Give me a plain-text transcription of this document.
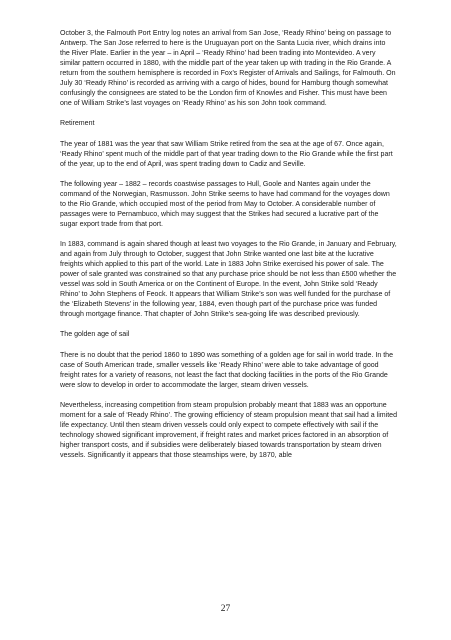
October 3, the Falmouth Port Entry log notes an arrival from San Jose, ‘Ready Rhino’ being on passage to Antwerp. The San Jose referred to here is the Uruguayan port on the Santa Lucia river, which drains into the River Plate. Earlier in the year – in April – ‘Ready Rhino’ had been trading into Montevideo. A very similar pattern occurred in 1880, with the middle part of the year taken up with trading in the Rio Grande. A return from the southern hemisphere is recorded in Fox’s Register of Arrivals and Sailings, for Falmouth. On July 30 ‘Ready Rhino’ is recorded as arriving with a cargo of hides, bound for Hamburg though somewhat confusingly the consignees are stated to be the London firm of Knowles and Fisher. This must have been one of William Strike’s last voyages on ‘Ready Rhino’ as his son John took command.

Retirement

The year of 1881 was the year that saw William Strike retired from the sea at the age of 67. Once again, ‘Ready Rhino’ spent much of the middle part of that year trading down to the Rio Grande while the first part of the year, up to the end of April, was spent trading down to Cadiz and Seville.

The following year – 1882 – records coastwise passages to Hull, Goole and Nantes again under the command of the Norwegian, Rasmusson. John Strike seems to have had command for the voyages down to the Rio Grande, which occupied most of the period from May to October. A considerable number of passages were to Pernambuco, which may suggest that the Strikes had secured a lucrative part of the sugar export trade from that port.

In 1883, command is again shared though at least two voyages to the Rio Grande, in January and February, and again from July through to October, suggest that John Strike wanted one last bite at the lucrative freights which applied to this part of the world. Late in 1883 John Strike exercised his power of sale. The power of sale granted was constrained so that any purchase price should be not less than £500 whether the vessel was sold in South America or on the Continent of Europe. In the event, John Strike sold ‘Ready Rhino’ to John Stephens of Feock. It appears that William Strike’s son was well funded for the purchase of the ‘Elizabeth Stevens’ in the following year, 1884, even though part of the purchase price was funded through mortgage finance. That chapter of John Strike’s sea-going life was described previously.

The golden age of sail

There is no doubt that the period 1860 to 1890 was something of a golden age for sail in world trade. In the case of South American trade, smaller vessels like ‘Ready Rhino’ were able to take advantage of good freight rates for a variety of reasons, not least the fact that docking facilities in the ports of the Rio Grande were slow to develop in order to accommodate the larger, steam driven vessels.

Nevertheless, increasing competition from steam propulsion probably meant that 1883 was an opportune moment for a sale of ‘Ready Rhino’. The growing efficiency of steam propulsion meant that sail had a limited life expectancy. Until then steam driven vessels could only expect to compete effectively with sail if the technology showed significant improvement, if freight rates and market prices factored in an absorption of higher transport costs, and if subsidies were deliberately biased towards transportation by steam driven vessels. Significantly it appears that those steamships were, by 1870, able

27
